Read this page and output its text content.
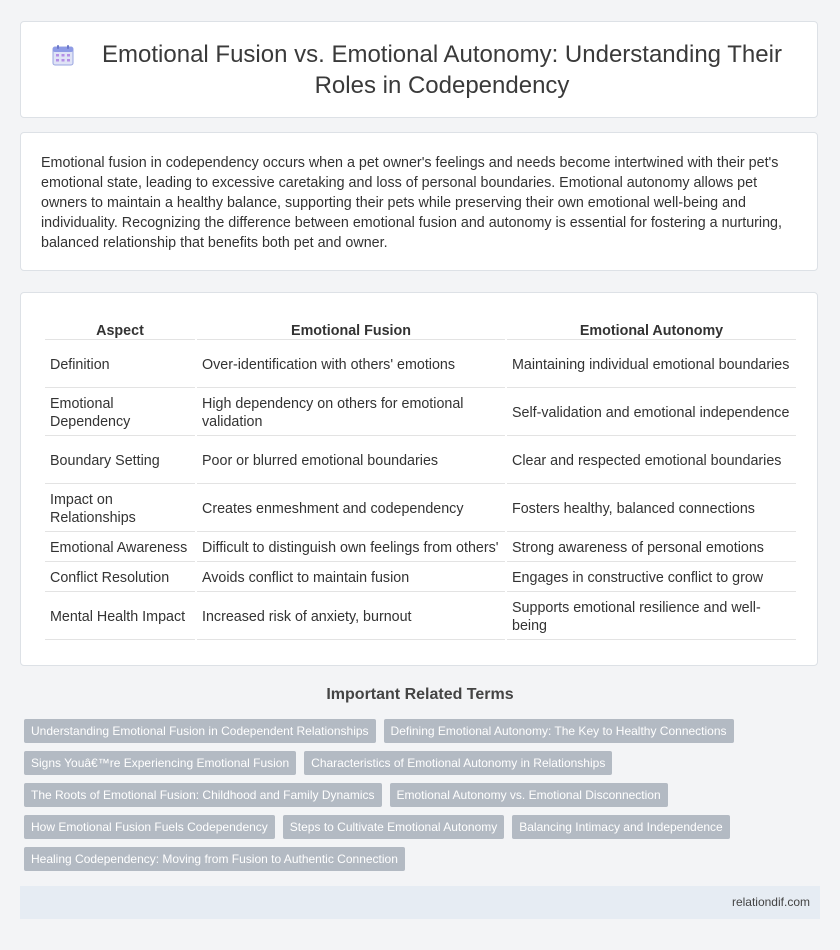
Emotional Fusion vs. Emotional Autonomy: Understanding Their Roles in Codependency

Emotional fusion in codependency occurs when a pet owner's feelings and needs become intertwined with their pet's emotional state, leading to excessive caretaking and loss of personal boundaries. Emotional autonomy allows pet owners to maintain a healthy balance, supporting their pets while preserving their own emotional well-being and individuality. Recognizing the difference between emotional fusion and autonomy is essential for fostering a nurturing, balanced relationship that benefits both pet and owner.

Aspect	Emotional Fusion	Emotional Autonomy
Definition	Over-identification with others' emotions	Maintaining individual emotional boundaries
Emotional Dependency	High dependency on others for emotional validation	Self-validation and emotional independence
Boundary Setting	Poor or blurred emotional boundaries	Clear and respected emotional boundaries
Impact on Relationships	Creates enmeshment and codependency	Fosters healthy, balanced connections
Emotional Awareness	Difficult to distinguish own feelings from others'	Strong awareness of personal emotions
Conflict Resolution	Avoids conflict to maintain fusion	Engages in constructive conflict to grow
Mental Health Impact	Increased risk of anxiety, burnout	Supports emotional resilience and well-being
Important Related Terms
Understanding Emotional Fusion in Codependent Relationships	Defining Emotional Autonomy: The Key to Healthy Connections
Signs Youâ€™re Experiencing Emotional Fusion	Characteristics of Emotional Autonomy in Relationships
The Roots of Emotional Fusion: Childhood and Family Dynamics	Emotional Autonomy vs. Emotional Disconnection
How Emotional Fusion Fuels Codependency	Steps to Cultivate Emotional Autonomy	Balancing Intimacy and Independence
Healing Codependency: Moving from Fusion to Authentic Connection
relationdif.com
